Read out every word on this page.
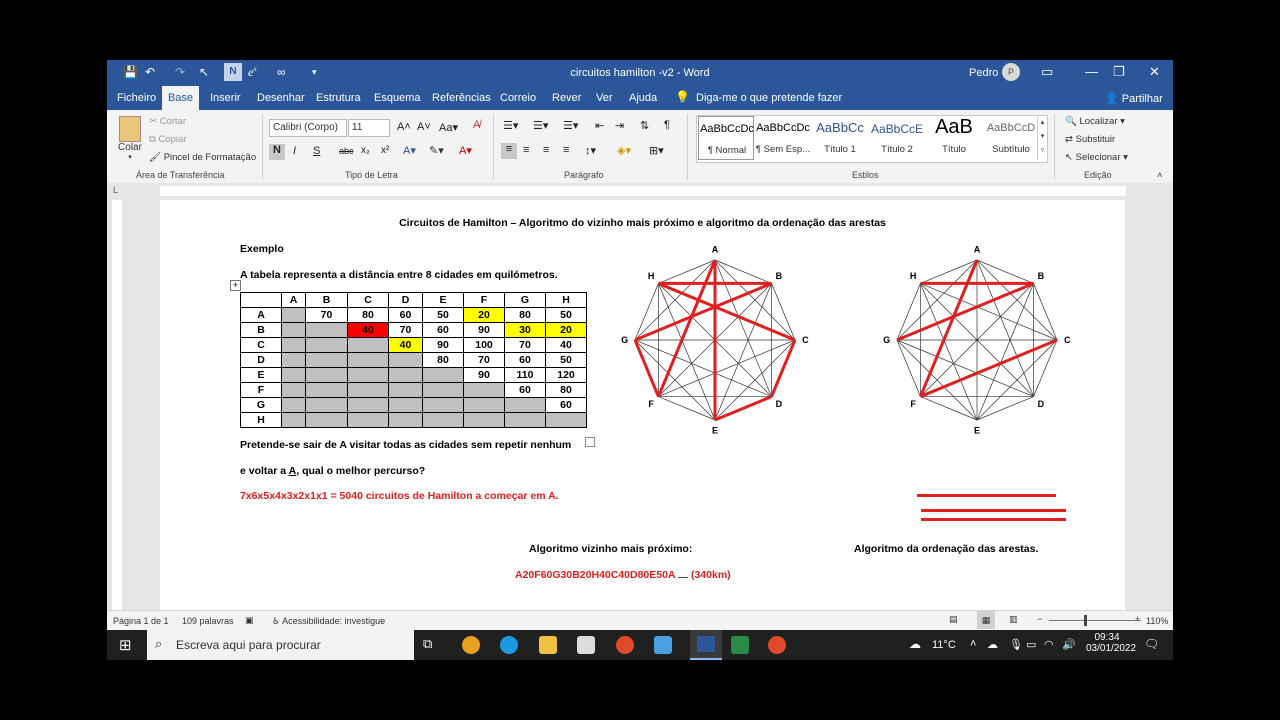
💾 ↶ ↷ ↖	N $e^x$ ∞	▾	circuitos hamilton -v2 - Word	Pedro	P	▭ — ❐ ✕
Ficheiro	Base	Inserir Desenhar Estrutura Esquema Referências Correio Rever Ver Ajuda 💡 Diga-me o que pretende fazer	👤 Partilhar
Colar
▾
✂ Cortar
⧉ Copiar
🖌 Pincel de Formatação
Área de Transferência
Calibri (Corpo)	11	A˄ A˅ Aa▾ A̸
N	I S abc x₂ x² A▾ ✎▾ A▾
Tipo de Letra
☰▾ ☰▾ ☰▾ ⇤ ⇥ ⇅ ¶
≡ ≡ ≡ ≡ ↕▾ ◈▾ ⊞▾
Parágrafo
AaBbCcDc
¶ Normal
AaBbCcDc
¶ Sem Esp...
AaBbCc
Título 1
AaBbCcE
Título 2
AaB
Título
AaBbCcD
Subtítulo
▴
▾
▿
Estilos
🔍 Localizar ▾
⇄ Substituir
↖ Selecionar ▾
Edição	˄
L
Circuitos de Hamilton – Algoritmo do vizinho mais próximo e algoritmo da ordenação das arestas
Exemplo
A tabela representa a distância entre 8 cidades em quilómetros.
+
	A	B	C	D	E	F	G	H
A		70	80	60	50	20	80	50
B			40	70	60	90	30	20
C				40	90	100	70	40
D					80	70	60	50
E						90	110	120
F							60	80
G								60
H								
Pretende-se sair de A visitar todas as cidades sem repetir nenhum
e voltar a A, qual o melhor percurso?
7x6x5x4x3x2x1x1 = 5040 circuitos de Hamilton a começar em A.
Algoritmo vizinho mais próximo:	Algoritmo da ordenação das arestas.
A20F60G30B20H40C40D80E50A (340km)
A
B
C
D
E
F
G
H
A
B
C
D
E
F
G
H
Página 1 de 1 109 palavras ▣ ♿ Acessibilidade: investigue	▤	▦	▥ −	+ 110%
⊞ ⌕ Escreva aqui para procurar	⧉	☁ 11°C ˄ ☁ 🎙 ▭ ◠ 🔊
09:34
03/01/2022 🗨
